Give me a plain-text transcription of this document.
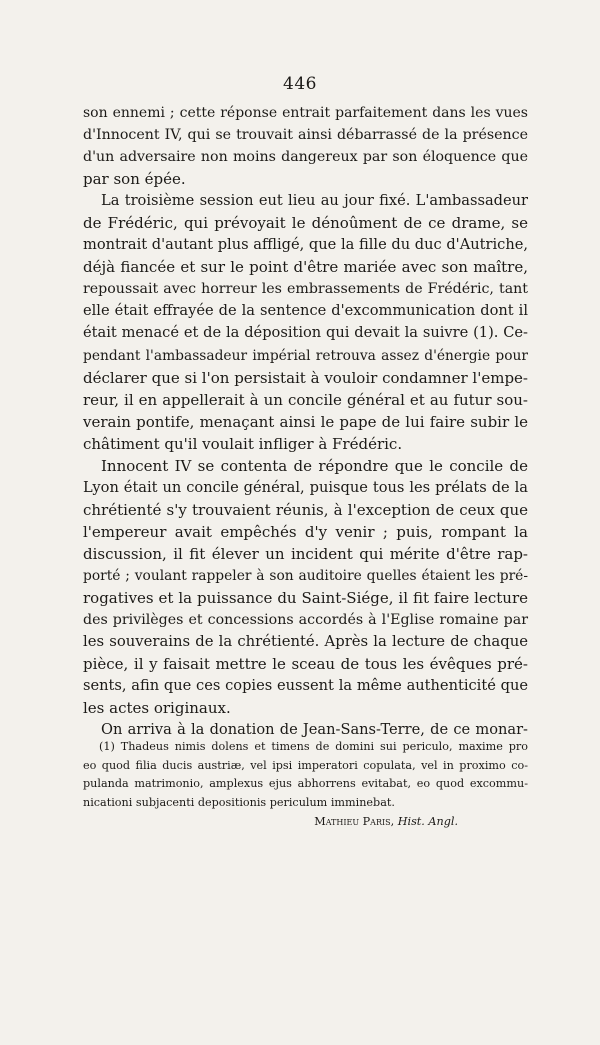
446
son ennemi ; cette réponse entrait parfaitement dans les vues
d'Innocent IV, qui se trouvait ainsi débarrassé de la présence
d'un adversaire non moins dangereux par son éloquence que
par son épée.
La troisième session eut lieu au jour fixé. L'ambassadeur
de Frédéric, qui prévoyait le dénoûment de ce drame, se
montrait d'autant plus affligé, que la fille du duc d'Autriche,
déjà fiancée et sur le point d'être mariée avec son maître,
repoussait avec horreur les embrassements de Frédéric, tant
elle était effrayée de la sentence d'excommunication dont il
était menacé et de la déposition qui devait la suivre (1). Ce-
pendant l'ambassadeur impérial retrouva assez d'énergie pour
déclarer que si l'on persistait à vouloir condamner l'empe-
reur, il en appellerait à un concile général et au futur sou-
verain pontife, menaçant ainsi le pape de lui faire subir le
châtiment qu'il voulait infliger à Frédéric.
Innocent IV se contenta de répondre que le concile de
Lyon était un concile général, puisque tous les prélats de la
chrétienté s'y trouvaient réunis, à l'exception de ceux que
l'empereur avait empêchés d'y venir ; puis, rompant la
discussion, il fit élever un incident qui mérite d'être rap-
porté ; voulant rappeler à son auditoire quelles étaient les pré-
rogatives et la puissance du Saint-Siége, il fit faire lecture
des privilèges et concessions accordés à l'Eglise romaine par
les souverains de la chrétienté. Après la lecture de chaque
pièce, il y faisait mettre le sceau de tous les évêques pré-
sents, afin que ces copies eussent la même authenticité que
les actes originaux.
On arriva à la donation de Jean-Sans-Terre, de ce monar-
(1) Thadeus nimis dolens et timens de domini sui periculo, maxime pro
eo quod filia ducis austriæ, vel ipsi imperatori copulata, vel in proximo co-
pulanda matrimonio, amplexus ejus abhorrens evitabat, eo quod excommu-
nicationi subjacenti depositionis periculum imminebat.
Mathieu Paris, Hist. Angl.
